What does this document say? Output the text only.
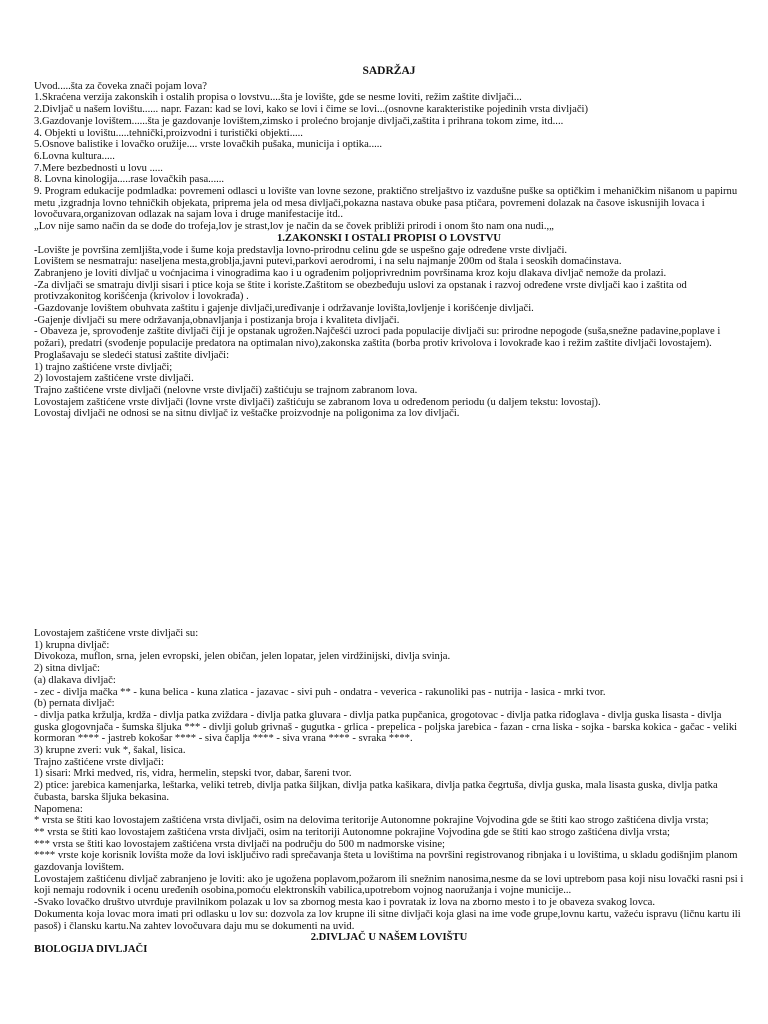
SADRŽAJ

Uvod.....šta za čoveka znači pojam lova?

1.Skraćena verzija zakonskih i ostalih propisa o lovstvu....šta je lovište, gde se nesme loviti, režim zaštite divljači...

2.Divljač u našem lovištu...... napr. Fazan: kad se lovi, kako se lovi i čime se lovi...(osnovne karakteristike pojedinih vrsta divljači)

3.Gazdovanje lovištem......šta je gazdovanje lovištem,zimsko i prolećno brojanje divljači,zaštita i prihrana tokom zime, itd....

4. Objekti u lovištu.....tehnički,proizvodni i turistički objekti.....

5.Osnove balistike i lovačko oružije.... vrste lovačkih pušaka, municija i optika.....

6.Lovna kultura.....

7.Mere bezbednosti u lovu .....

8. Lovna kinologija.....rase lovačkih pasa......

9. Program edukacije podmladka: povremeni odlasci u lovište van lovne sezone, praktično streljaštvo iz vazdušne puške sa optičkim i mehaničkim nišanom u papirnu metu ,izgradnja lovno tehničkih objekata, priprema jela od mesa divljači,pokazna nastava obuke pasa ptičara, povremeni dolazak na časove iskusnijih lovaca i lovočuvara,organizovan odlazak na sajam lova i druge manifestacije itd..

„Lov nije samo način da se dođe do trofeja,lov je strast,lov je način da se čovek približi prirodi i onom što nam ona nudi.,„

1.ZAKONSKI I OSTALI PROPISI O LOVSTVU

-Lovište je površina zemljišta,vode i šume koja predstavlja lovno-prirodnu celinu gde se uspešno gaje određene vrste divljači.

Lovištem se nesmatraju: naseljena mesta,groblja,javni putevi,parkovi aerodromi, i na selu najmanje 200m od štala i seoskih domaćinstava.

Zabranjeno je loviti divljač u voćnjacima i vinogradima kao i u ograđenim poljoprivrednim površinama kroz koju dlakava divljač nemože da prolazi.

-Za divljači se smatraju divlji sisari i ptice koja se štite i koriste.Zaštitom se obezbeđuju uslovi za opstanak i razvoj određene vrste divljači kao i zaštita od protivzakonitog korišćenja (krivolov i lovokrađa) .

-Gazdovanje lovištem obuhvata zaštitu i gajenje divljači,uređivanje i održavanje lovišta,lovljenje i korišćenje divljači.

-Gajenje divljači su mere održavanja,obnavljanja i postizanja broja i kvaliteta divljači.

- Obaveza je, sprovođenje zaštite divljači čiji je opstanak ugrožen.Najčešći uzroci pada populacije divljači su: prirodne nepogode (suša,snežne padavine,poplave i požari), predatri (svođenje populacije predatora na optimalan nivo),zakonska zaštita (borba protiv krivolova i lovokrađe kao i režim zaštite divljači lovostajem).

Proglašavaju se sledeći statusi zaštite divljači:

1) trajno zaštićene vrste divljači;

2) lovostajem zaštićene vrste divljači.

Trajno zaštićene vrste divljači (nelovne vrste divljači) zaštićuju se trajnom zabranom lova.

Lovostajem zaštićene vrste divljači (lovne vrste divljači) zaštićuju se zabranom lova u određenom periodu (u daljem tekstu: lovostaj).

Lovostaj divljači ne odnosi se na sitnu divljač iz veštačke proizvodnje na poligonima za lov divljači.

Lovostajem zaštićene vrste divljači su:

1) krupna divljač:

Divokoza, muflon, srna, jelen evropski, jelen običan, jelen lopatar, jelen virdžinijski, divlja svinja.

2) sitna divljač:

(a) dlakava divljač:

- zec - divlja mačka ** - kuna belica - kuna zlatica - jazavac - sivi puh - ondatra - veverica - rakunoliki pas - nutrija - lasica - mrki tvor.

(b) pernata divljač:

- divlja patka kržulja, krdža - divlja patka zviždara - divlja patka gluvara - divlja patka pupčanica, grogotovac - divlja patka riđoglava - divlja guska lisasta - divlja guska glogovnjača - šumska šljuka *** - divlji golub grivnaš - gugutka - grlica - prepelica - poljska jarebica - fazan - crna liska - sojka - barska kokica - gačac - veliki kormoran **** - jastreb kokošar **** - siva čaplja **** - siva vrana **** - svraka ****.

3) krupne zveri: vuk *, šakal, lisica.

Trajno zaštićene vrste divljači:

1) sisari: Mrki medved, ris, vidra, hermelin, stepski tvor, dabar, šareni tvor.

2) ptice: jarebica kamenjarka, leštarka, veliki tetreb, divlja patka šiljkan, divlja patka kašikara, divlja patka čegrtuša, divlja guska, mala lisasta guska, divlja patka čubasta, barska šljuka bekasina.

Napomena:

* vrsta se štiti kao lovostajem zaštićena vrsta divljači, osim na delovima teritorije Autonomne pokrajine Vojvodina gde se štiti kao strogo zaštićena divlja vrsta;

** vrsta se štiti kao lovostajem zaštićena vrsta divljači, osim na teritoriji Autonomne pokrajine Vojvodina gde se štiti kao strogo zaštićena divlja vrsta;

*** vrsta se štiti kao lovostajem zaštićena vrsta divljači na području do 500 m nadmorske visine;

**** vrste koje korisnik lovišta može da lovi isključivo radi sprečavanja šteta u lovištima na površini registrovanog ribnjaka i u lovištima, u skladu godišnjim planom gazdovanja lovištem.

Lovostajem zaštićenu divljač zabranjeno je loviti: ako je ugožena poplavom,požarom ili snežnim nanosima,nesme da se lovi uptrebom pasa koji nisu lovački rasni psi i koji nemaju rodovnik i ocenu uređenih osobina,pomoću elektronskih vabilica,upotrebom vojnog naoružanja i vojne municije...

-Svako lovačko društvo utvrđuje pravilnikom polazak u lov sa zbornog mesta kao i povratak iz lova na zborno mesto i to je obaveza svakog lovca.

Dokumenta koja lovac mora imati pri odlasku u lov su: dozvola za lov krupne ili sitne divljači koja glasi na ime vođe grupe,lovnu kartu, važeću ispravu (ličnu kartu ili pasoš) i člansku kartu.Na zahtev lovočuvara daju mu se dokumenti na uvid.

2.DIVLJAČ U NAŠEM LOVIŠTU

BIOLOGIJA DIVLJAČI
